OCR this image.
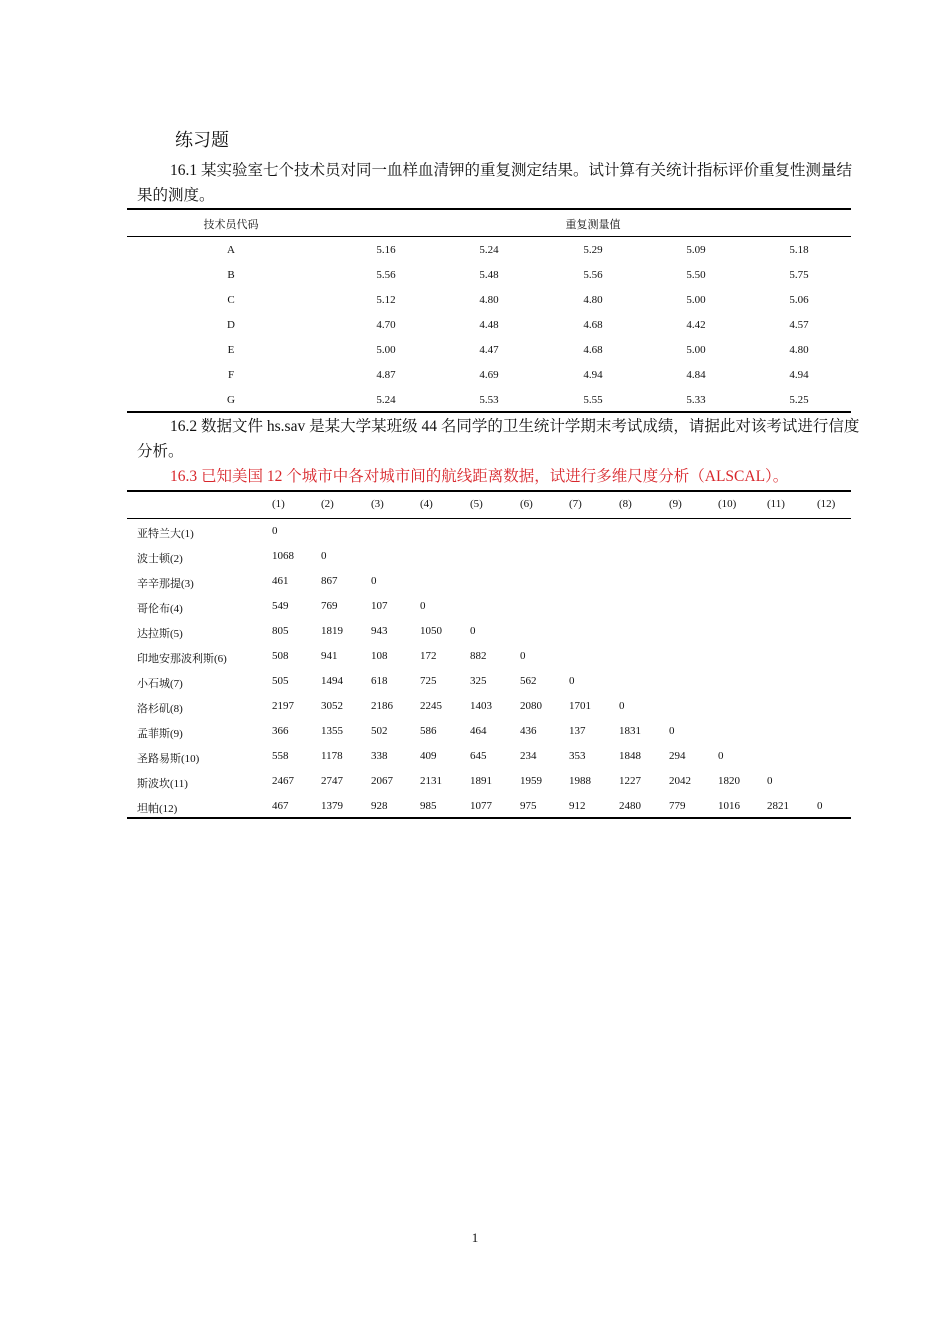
练习题
16.1 某实验室七个技术员对同一血样血清钾的重复测定结果。试计算有关统计指标评价重复性测量结果的测度。
技术员代码	重复测量值
A	5.16	5.24	5.29	5.09	5.18
B	5.56	5.48	5.56	5.50	5.75
C	5.12	4.80	4.80	5.00	5.06
D	4.70	4.48	4.68	4.42	4.57
E	5.00	4.47	4.68	5.00	4.80
F	4.87	4.69	4.94	4.84	4.94
G	5.24	5.53	5.55	5.33	5.25
16.2 数据文件 hs.sav 是某大学某班级 44 名同学的卫生统计学期末考试成绩，请据此对该考试进行信度分析。
16.3 已知美国 12 个城市中各对城市间的航线距离数据，试进行多维尺度分析（ALSCAL）。
(1)	(2)	(3)	(4)	(5)	(6)	(7)	(8)	(9)	(10)	(11)	(12)
亚特兰大(1)	0
波士顿(2)	1068 0
辛辛那提(3)	461	867	0
哥伦布(4)	549	769	107	0
达拉斯(5)	805	1819	943	1050	0
印地安那波利斯(6)	508	941	108	172	882	0
小石城(7)	505	1494	618	725	325	562	0
洛杉矶(8)	2197 3052	2186 2245	1403	2080 1701	0
孟菲斯(9)	366	1355	502	586	464	436	137	1831	0
圣路易斯(10)	558	1178	338	409	645	234	353	1848	294	0
斯波坎(11)	2467 2747	2067 2131	1891	1959 1988	1227	2042 1820 0
坦帕(12)	467	1379	928	985	1077	975	912	2480	779	1016 2821	0
1
